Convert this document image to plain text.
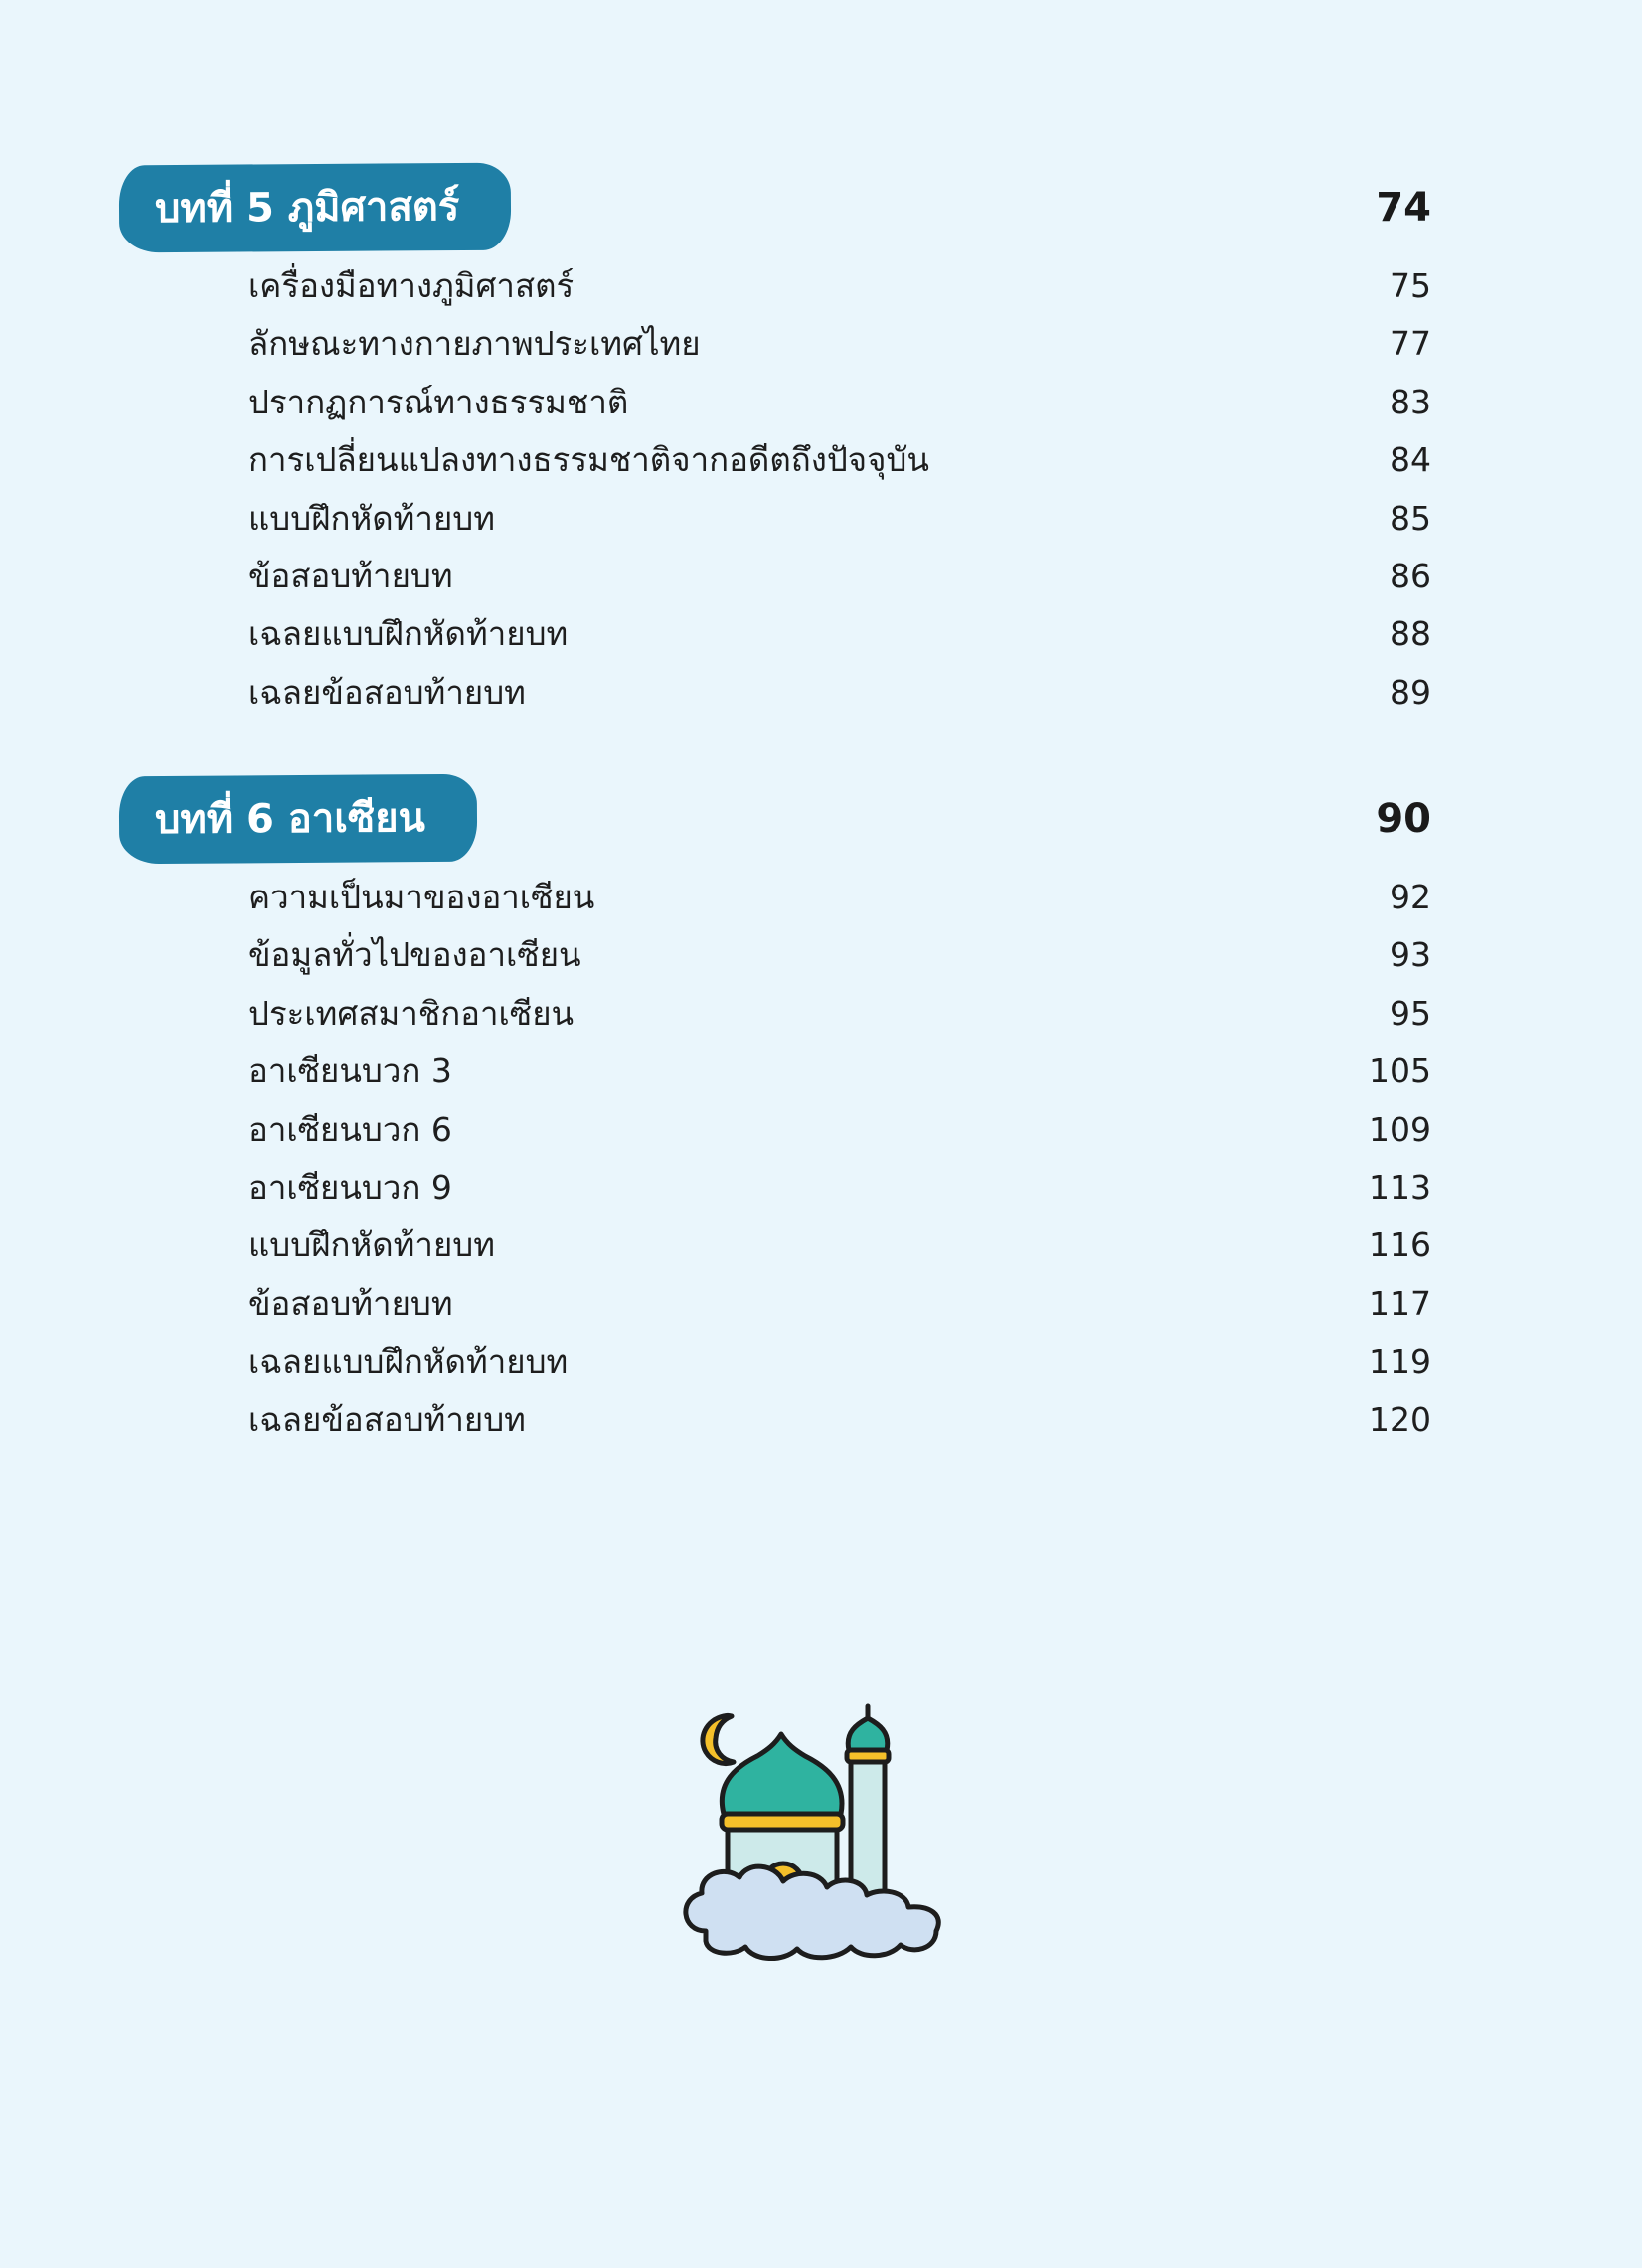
บทที่ 5 ภูมิศาสตร์	74
เครื่องมือทางภูมิศาสตร์	75
ลักษณะทางกายภาพประเทศไทย	77
ปรากฏการณ์ทางธรรมชาติ	83
การเปลี่ยนแปลงทางธรรมชาติจากอดีตถึงปัจจุบัน	84
แบบฝึกหัดท้ายบท	85
ข้อสอบท้ายบท	86
เฉลยแบบฝึกหัดท้ายบท	88
เฉลยข้อสอบท้ายบท	89
บทที่ 6 อาเซียน	90
ความเป็นมาของอาเซียน	92
ข้อมูลทั่วไปของอาเซียน	93
ประเทศสมาชิกอาเซียน	95
อาเซียนบวก 3	105
อาเซียนบวก 6	109
อาเซียนบวก 9	113
แบบฝึกหัดท้ายบท	116
ข้อสอบท้ายบท	117
เฉลยแบบฝึกหัดท้ายบท	119
เฉลยข้อสอบท้ายบท	120
